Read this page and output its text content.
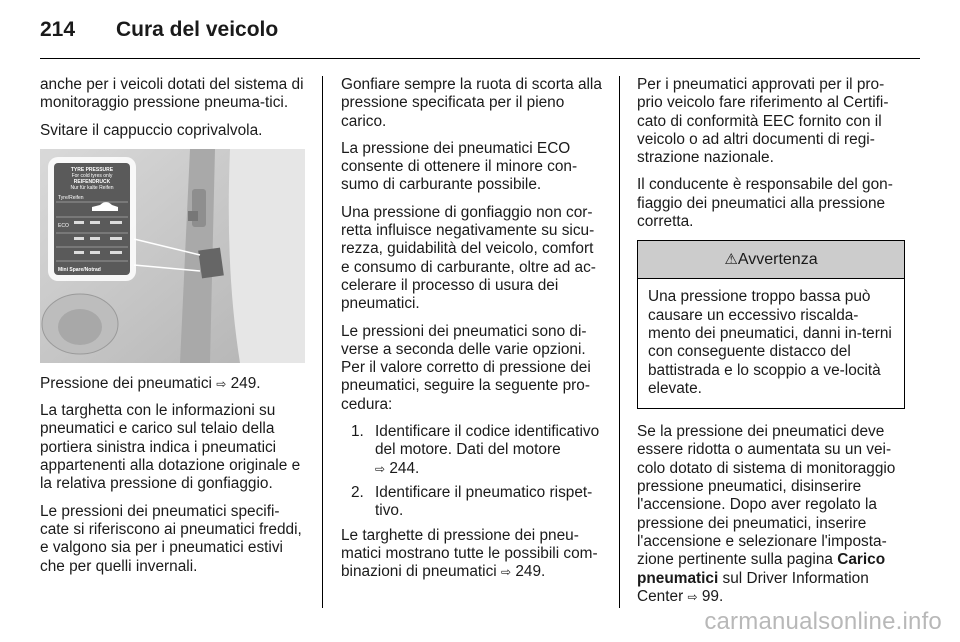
214 Cura del veicolo

anche per i veicoli dotati del sistema di monitoraggio pressione pneuma-tici.

Svitare il cappuccio coprivalvola.

TYRE PRESSURE
For cold tyres only
REIFENDRUCK
Nur für kalte Reifen
Tyre/Reifen
ECO
Mini Spare/Notrad

Pressione dei pneumatici ⇨ 249.

La targhetta con le informazioni su pneumatici e carico sul telaio della portiera sinistra indica i pneumatici appartenenti alla dotazione originale e la relativa pressione di gonfiaggio.

Le pressioni dei pneumatici specifi-cate si riferiscono ai pneumatici freddi, e valgono sia per i pneumatici estivi che per quelli invernali.

Gonfiare sempre la ruota di scorta alla pressione specificata per il pieno carico.

La pressione dei pneumatici ECO consente di ottenere il minore con-sumo di carburante possibile.

Una pressione di gonfiaggio non cor-retta influisce negativamente su sicu-rezza, guidabilità del veicolo, comfort e consumo di carburante, oltre ad ac-celerare il processo di usura dei pneumatici.

Le pressioni dei pneumatici sono di-verse a seconda delle varie opzioni. Per il valore corretto di pressione dei pneumatici, seguire la seguente pro-cedura:

1. Identificare il codice identificativo del motore. Dati del motore
⇨ 244.
2. Identificare il pneumatico rispet-tivo.

Le targhette di pressione dei pneu-matici mostrano tutte le possibili com-binazioni di pneumatici ⇨ 249.

Per i pneumatici approvati per il pro-prio veicolo fare riferimento al Certifi-cato di conformità EEC fornito con il veicolo o ad altri documenti di regi-strazione nazionale.

Il conducente è responsabile del gon-fiaggio dei pneumatici alla pressione corretta.

⚠Avvertenza
Una pressione troppo bassa può causare un eccessivo riscalda-mento dei pneumatici, danni in-terni con conseguente distacco del battistrada e lo scoppio a ve-locità elevate.

Se la pressione dei pneumatici deve essere ridotta o aumentata su un vei-colo dotato di sistema di monitoraggio pressione pneumatici, disinserire l'accensione. Dopo aver regolato la pressione dei pneumatici, inserire l'accensione e selezionare l'imposta-zione pertinente sulla pagina Carico pneumatici sul Driver Information Center ⇨ 99.

carmanualsonline.info
